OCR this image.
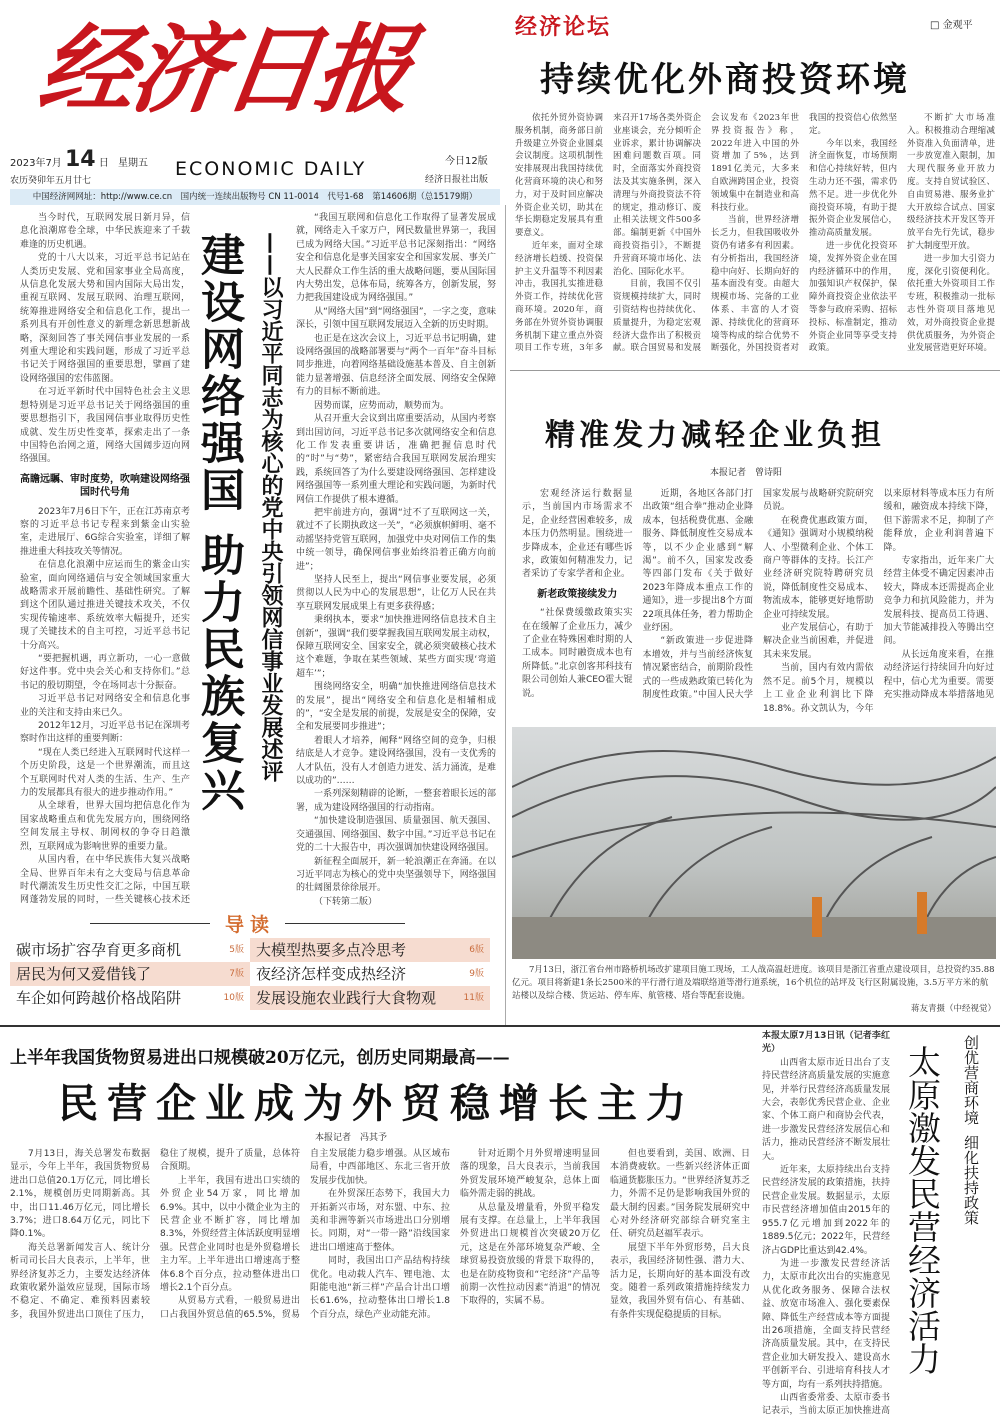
经济日报
2023年7月 14 日 星期五
农历癸卯年五月廿七
ECONOMIC DAILY	今日12版
经济日报社出版
中国经济网网址：http://www.ce.cn　国内统一连续出版物号 CN 11-0014　代号1-68　第14606期（总15179期）
经济论坛	□ 金观平
持续优化外商投资环境

依托外贸外资协调服务机制，商务部日前升级建立外资企业圆桌会议制度。这项机制性安排展现出我国持续优化营商环境的决心和努力，对于及时回应解决外资企业关切，助其在华长期稳定发展具有重要意义。

近年来，面对全球经济增长趋缓、投资保护主义升温等不利因素冲击，我国扎实推进稳外资工作，持续优化营商环境。2020年，商务部在外贸外资协调服务机制下建立重点外资项目工作专班，3年多来召开17场各类外资企业座谈会，充分倾听企业诉求，累计协调解决困难问题数百项。同时，全面落实外商投资法及其实施条例，深入清理与外商投资法不符的规定，推动修订、废止相关法规文件500多部。编制更新《中国外商投资指引》，不断提升营商环境市场化、法治化、国际化水平。

目前，我国不仅引资规模持续扩大，同时引资结构也持续优化、质量提升，为稳定宏观经济大盘作出了积极贡献。联合国贸易和发展会议发布《2023年世界投资报告》称，2022年进入中国的外资增加了5%，达到1891亿美元，大多来自欧洲跨国企业，投资领域集中在制造业和高科技行业。

当前，世界经济增长乏力，但我国吸收外资仍有诸多有利因素。有分析指出，我国经济稳中向好、长期向好的基本面没有变。由超大规模市场、完备的工业体系、丰富的人才资源、持续优化的营商环境等构成的综合优势不断强化，外国投资者对我国的投资信心依然坚定。

今年以来，我国经济全面恢复，市场预期和信心持续好转，但内生动力还不强，需求仍然不足。进一步优化外商投资环境，有助于提振外资企业发展信心，推动高质量发展。

进一步优化投资环境，发挥外资企业在国内经济循环中的作用，加强知识产权保护，保障外商投资企业依法平等参与政府采购、招标投标、标准制定，推动外资企业同等享受支持政策。

不断扩大市场准入。积极推动合理缩减外资准入负面清单，进一步放宽准入限制，加大现代服务业开放力度。支持自贸试验区、自由贸易港、服务业扩大开放综合试点、国家级经济技术开发区等开放平台先行先试，稳步扩大制度型开放。

进一步加大引资力度，深化引资便利化。依托重大外资项目工作专班，积极推动一批标志性外资项目落地见效，对外商投资企业提供优质服务，为外资企业发展营造更好环境。

精准发力减轻企业负担
本报记者　曾诗阳

宏观经济运行数据显示，当前国内市场需求不足，企业经营困难较多，成本压力仍然明显。围绕进一步降成本，企业还有哪些诉求，政策如何精准发力，记者采访了专家学者和企业。

新老政策接续发力

“社保费缓缴政策实实在在缓解了企业压力，减少了企业在特殊困难时期的人工成本。同时融资成本也有所降低。”北京创客邦科技有限公司创始人兼CEO霍大锟说。

近期，各地区各部门打出政策“组合拳”推动企业降成本，包括税费优惠、金融服务、降低制度性交易成本等，以不少企业感到“解渴”。前不久，国家发改委等四部门发布《关于做好2023年降成本重点工作的通知》，进一步提出8个方面22项具体任务，着力帮助企业纾困。

“新政策进一步促进降本增效，并与当前经济恢复情况紧密结合，前期阶段性式的一些成熟政策已转化为制度性政策。”中国人民大学国家发展与战略研究院研究员说。

在税费优惠政策方面，《通知》强调对小规模纳税人、小型微利企业、个体工商户等群体的支持。长江产业经济研究院特聘研究员说，降低制度性交易成本、物流成本，能够更好地帮助企业可持续发展。

业产发展信心，有助于解决企业当前困难，并促进其未来发展。

当前，国内有效内需依然不足。前5个月，规模以上工业企业利润比下降18.8%。孙文凯认为，今年以来原材料等成本压力有所缓和，融资成本持续下降，但下游需求不足，抑制了产能释放，企业利润普遍下降。

专家指出，近年来广大经营主体受不确定因素冲击较大，降成本还需提高企业竞争力和抗风险能力，并为发展科技、提高员工待遇、加大节能减排投入等腾出空间。

从长远角度来看，在推动经济运行持续回升向好过程中，信心尤为重要。需要充实推动降成本举措落地见

7月13日，浙江省台州市路桥机场改扩建项目施工现场，工人战高温赶进度。该项目是浙江省重点建设项目，总投资约35.88亿元。项目将新建1条长2500米的平行滑行道及端联络道等滑行道系统，16个机位的站坪及飞行区附属设施，3.5万平方米的航站楼以及综合楼、货运站、停车库、航管楼、塔台等配套设施。
蒋友青摄（中经视觉）

当今时代，互联网发展日新月异，信息化浪潮席卷全球，中华民族迎来了千载难逢的历史机遇。

党的十八大以来，习近平总书记站在人类历史发展、党和国家事业全局高度，从信息化发展大势和国内国际大局出发，重视互联网、发展互联网、治理互联网，统筹推进网络安全和信息化工作，提出一系列具有开创性意义的新理念新思想新战略，深刻回答了事关网信事业发展的一系列重大理论和实践问题，形成了习近平总书记关于网络强国的重要思想，擘画了建设网络强国的宏伟蓝图。

在习近平新时代中国特色社会主义思想特别是习近平总书记关于网络强国的重要思想指引下，我国网信事业取得历史性成就、发生历史性变革，探索走出了一条中国特色治网之道，网络大国阔步迈向网络强国。

高瞻远瞩、审时度势，吹响建设网络强国时代号角

2023年7月6日下午，正在江苏南京考察的习近平总书记专程来到紫金山实验室，走进展厅、6G综合实验室，详细了解推进重大科技攻关等情况。

在信息化浪潮中应运而生的紫金山实验室，面向网络通信与安全领域国家重大战略需求开展前瞻性、基础性研究。了解到这个团队通过推进关键技术攻关，不仅实现传输速率、系统效率大幅提升，还实现了关键技术的自主可控，习近平总书记十分高兴。

“要把握机遇，再立新功，一心一意做好这件事。党中央会关心和支持你们。”总书记的殷切期望，令在场同志十分振奋。

习近平总书记对网络安全和信息化事业的关注和支持由来已久。

2012年12月，习近平总书记在深圳考察时作出这样的重要判断：

“现在人类已经进入互联网时代这样一个历史阶段，这是一个世界潮流，而且这个互联网时代对人类的生活、生产、生产力的发展都具有很大的进步推动作用。”

从全球看，世界大国均把信息化作为国家战略重点和优先发展方向，围绕网络空间发展主导权、制网权的争夺日趋激烈，互联网成为影响世界的重要力量。

从国内看，在中华民族伟大复兴战略全局、世界百年未有之大变局与信息革命时代潮流发生历史性交汇之际，中国互联网蓬勃发展的同时，一些关键核心技术还

建设网络强国助力民族复兴 ——以习近平同志为核心的党中央引领网信事业发展述评

“我国互联网和信息化工作取得了显著发展成就，网络走入千家万户，网民数量世界第一，我国已成为网络大国。”习近平总书记深刻指出：“网络安全和信息化是事关国家安全和国家发展、事关广大人民群众工作生活的重大战略问题，要从国际国内大势出发，总体布局，统筹各方，创新发展，努力把我国建设成为网络强国。”

从“网络大国”到“网络强国”，一字之变，意味深长，引领中国互联网发展迈入全新的历史时期。

也正是在这次会议上，习近平总书记明确，建设网络强国的战略部署要与“两个一百年”奋斗目标同步推进，向着网络基础设施基本普及、自主创新能力显著增强、信息经济全面发展、网络安全保障有力的目标不断前进。

因势而谋，应势而动，顺势而为。

从召开重大会议到出席重要活动，从国内考察到出国访问，习近平总书记多次就网络安全和信息化工作发表重要讲话，准确把握信息时代的“时”与“势”，紧密结合我国互联网发展治理实践，系统回答了为什么要建设网络强国、怎样建设网络强国等一系列重大理论和实践问题，为新时代网信工作提供了根本遵循。

把牢前进方向，强调“过不了互联网这一关，就过不了长期执政这一关”，“必须旗帜鲜明、毫不动摇坚持党管互联网，加强党中央对网信工作的集中统一领导，确保网信事业始终沿着正确方向前进”；

坚持人民至上，提出“网信事业要发展，必须贯彻以人民为中心的发展思想”，让亿万人民在共享互联网发展成果上有更多获得感；

秉纲执本，要求“加快推进网络信息技术自主创新”，强调“我们要掌握我国互联网发展主动权，保障互联网安全、国家安全，就必须突破核心技术这个难题，争取在某些领域、某些方面实现‘弯道超车’”；

围绕网络安全，明确“加快推进网络信息技术的发展”，提出“网络安全和信息化是相辅相成的”，“安全是发展的前提，发展是安全的保障，安全和发展要同步推进”；

着眼人才培养，阐释“网络空间的竞争，归根结底是人才竞争。建设网络强国，没有一支优秀的人才队伍，没有人才创造力迸发、活力涌流，是难以成功的”……

一系列深刻精辟的论断，一整套着眼长远的部署，成为建设网络强国的行动指南。

“加快建设制造强国、质量强国、航天强国、交通强国、网络强国、数字中国。”习近平总书记在党的二十大报告中，再次强调加快建设网络强国。

新征程全面展开，新一轮浪潮正在奔涌。在以习近平同志为核心的党中央坚强领导下，网络强国的壮阔图景徐徐展开。

（下转第二版）

导读
碳市场扩容孕育更多商机	5版 大模型热要多点冷思考	6版
居民为何又爱借钱了	7版 夜经济怎样变成热经济	9版
车企如何跨越价格战陷阱	10版 发展设施农业践行大食物观	11版
上半年我国货物贸易进出口规模破20万亿元，创历史同期最高——
民营企业成为外贸稳增长主力
本报记者　冯其予

7月13日，海关总署发布数据显示，今年上半年，我国货物贸易进出口总值20.1万亿元，同比增长2.1%，规模创历史同期新高。其中，出口11.46万亿元，同比增长3.7%；进口8.64万亿元，同比下降0.1%。

海关总署新闻发言人、统计分析司司长吕大良表示，上半年，世界经济复苏乏力，主要发达经济体政策收紧外溢效应显现，国际市场不稳定、不确定、难预料因素较多，我国外贸进出口顶住了压力，稳住了规模，提升了质量，总体符合预期。

上半年，我国有进出口实绩的外贸企业54万家，同比增加6.9%。其中，以中小微企业为主的民营企业不断扩容，同比增加8.3%，外贸经营主体活跃度明显增强。民营企业同时也是外贸稳增长主力军。上半年进出口增速高于整体6.8个百分点，拉动整体进出口增长2.1个百分点。

从贸易方式看，一般贸易进出口占我国外贸总值的65.5%，贸易自主发展能力稳步增强。从区域布局看，中西部地区、东北三省开放发展步伐加快。

在外贸深圧态势下，我国大力开拓新兴市场，对东盟、中东、拉美和非洲等新兴市场进出口分别增长。同期，对“一带一路”沿线国家进出口增速高于整体。

同时，我国出口产品结构持续优化。电动载人汽车、锂电池、太阳能电池“新三样”产品合计出口增长61.6%，拉动整体出口增长1.8个百分点，绿色产业动能充沛。

针对近期个月外贸增速明显回落的现象，吕大良表示，当前我国外贸发展环境严峻复杂，总体上面临外需走弱的挑战。

从总量及增量看，外贸平稳发展有支撑。在总量上，上半年我国外贸进出口规模首次突破20万亿元，这是在外部环境复杂严峻、全球贸易投资放缓的背景下取得的，也是在防疫物资和“宅经济”产品等前期一次性拉动因素“消退”的情况下取得的，实属不易。

但也要看到，美国、欧洲、日本消费疲软。一些新兴经济体正面临通货膨胀压力。“世界经济复苏乏力，外需不足仍是影响我国外贸的最大制约因素。”国务院发展研究中心对外经济研究部综合研究室主任、研究员赵福军表示。

展望下半年外贸形势，吕大良表示，我国经济韧性强、潜力大、活力足，长期向好的基本面没有改变。随着一系列政策措施持续发力显效，我国外贸有信心、有基础、有条件实现促稳提质的目标。

本报太原7月13日讯（记者李红光）

山西省太原市近日出台了支持民营经济高质量发展的实施意见，并举行民营经济高质量发展大会，表彰优秀民营企业、企业家、个体工商户和商协会代表，进一步激发民营经济发展信心和活力，推动民营经济不断发展壮大。

近年来，太原持续出台支持民营经济发展的政策措施，扶持民营企业发展。数据显示，太原市民营经济增加值由2015年的955.7亿元增加到2022年的1889.5亿元；2022年，民营经济占GDP比重达到42.4%。

为进一步激发民营经济活力，太原市此次出台的实施意见从优化政务服务、保障合法权益、放宽市场准入、强化要素保障、降低生产经营成本等方面提出26项措施，全面支持民营经济高质量发展。其中，在支持民营企业加大研发投入、建设高水平创新平台、引进培育科技人才等方面，均有一系列扶持措施。

山西省委常委、太原市委书记表示，当前太原正加快推进高

太原激发民营经济活力	创优营商环境细化扶持政策
